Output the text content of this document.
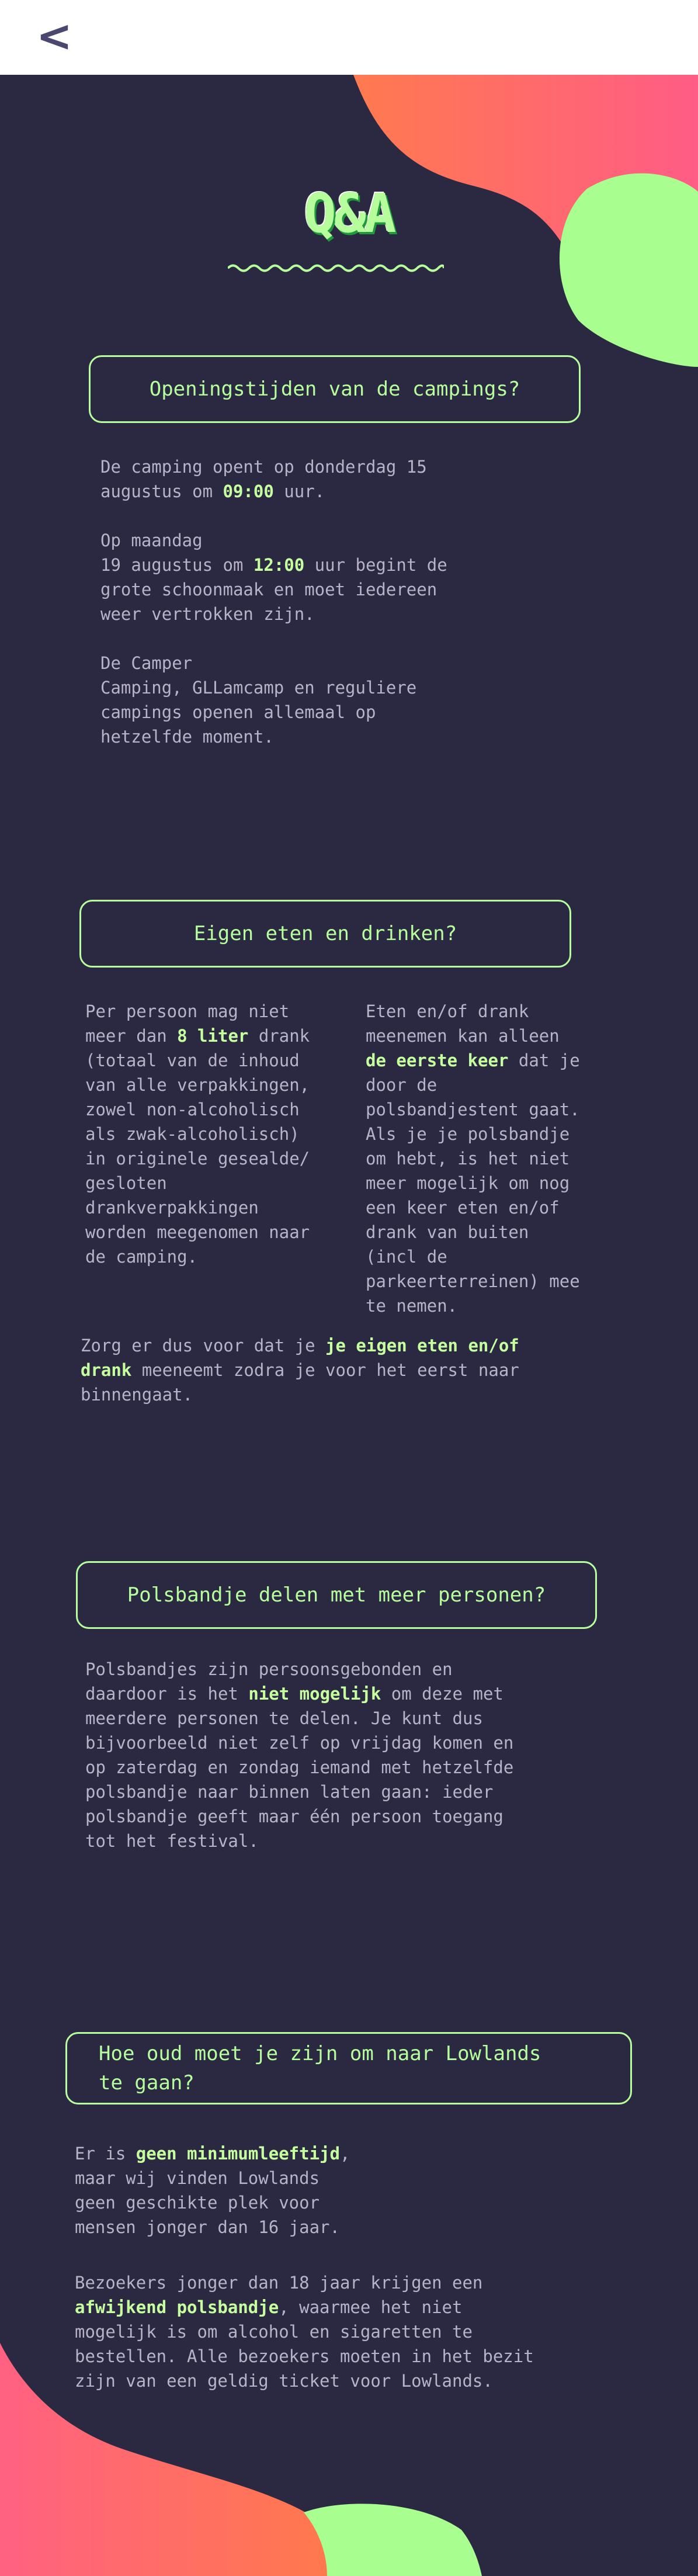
<
Q&A
Openingstijden van de campings?
De camping opent op donderdag 15
augustus om 09:00 uur.
Op maandag
19 augustus om 12:00 uur begint de
grote schoonmaak en moet iedereen
weer vertrokken zijn.
De Camper
Camping, GLLamcamp en reguliere
campings openen allemaal op
hetzelfde moment.
Eigen eten en drinken?
Per persoon mag niet
meer dan 8 liter drank
(totaal van de inhoud
van alle verpakkingen,
zowel non-alcoholisch
als zwak-alcoholisch)
in originele gesealde/
gesloten
drankverpakkingen
worden meegenomen naar
de camping.
Eten en/of drank
meenemen kan alleen
de eerste keer dat je
door de
polsbandjestent gaat.
Als je je polsbandje
om hebt, is het niet
meer mogelijk om nog
een keer eten en/of
drank van buiten
(incl de
parkeerterreinen) mee
te nemen.
Zorg er dus voor dat je je eigen eten en/of
drank meeneemt zodra je voor het eerst naar
binnengaat.
Polsbandje delen met meer personen?
Polsbandjes zijn persoonsgebonden en
daardoor is het niet mogelijk om deze met
meerdere personen te delen. Je kunt dus
bijvoorbeeld niet zelf op vrijdag komen en
op zaterdag en zondag iemand met hetzelfde
polsbandje naar binnen laten gaan: ieder
polsbandje geeft maar één persoon toegang
tot het festival.
Hoe oud moet je zijn om naar Lowlands
te gaan?
Er is geen minimumleeftijd,
maar wij vinden Lowlands
geen geschikte plek voor
mensen jonger dan 16 jaar.
Bezoekers jonger dan 18 jaar krijgen een
afwijkend polsbandje, waarmee het niet
mogelijk is om alcohol en sigaretten te
bestellen. Alle bezoekers moeten in het bezit
zijn van een geldig ticket voor Lowlands.
